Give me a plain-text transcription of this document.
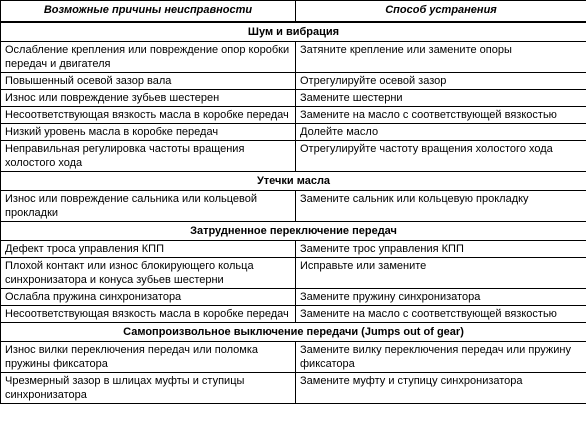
Возможные причины неисправности	Способ устранения
Шум и вибрация	
Ослабление крепления или повреждение опор коробки передач и двигателя	Затяните крепление или замените опоры
Повышенный осевой зазор вала	Отрегулируйте осевой зазор
Износ или повреждение зубьев шестерен	Замените шестерни
Несоответствующая вязкость масла в коробке передач	Замените на масло с соответствующей вязкостью
Низкий уровень масла в коробке передач	Долейте масло
Неправильная регулировка частоты вращения холостого хода	Отрегулируйте частоту вращения холостого хода
Утечки масла	
Износ или повреждение сальника или кольцевой прокладки	Замените сальник или кольцевую прокладку
Затрудненное переключение передач	
Дефект троса управления КПП	Замените трос управления КПП
Плохой контакт или износ блокирующего кольца синхронизатора и конуса зубьев шестерни	Исправьте или замените
Ослабла пружина синхронизатора	Замените пружину синхронизатора
Несоответствующая вязкость масла в коробке передач	Замените на масло с соответствующей вязкостью
Самопроизвольное выключение передачи (Jumps out of gear)	
Износ вилки переключения передач или поломка пружины фиксатора	Замените вилку переключения передач или пружину фиксатора
Чрезмерный зазор в шлицах муфты и ступицы синхронизатора	Замените муфту и ступицу синхронизатора
